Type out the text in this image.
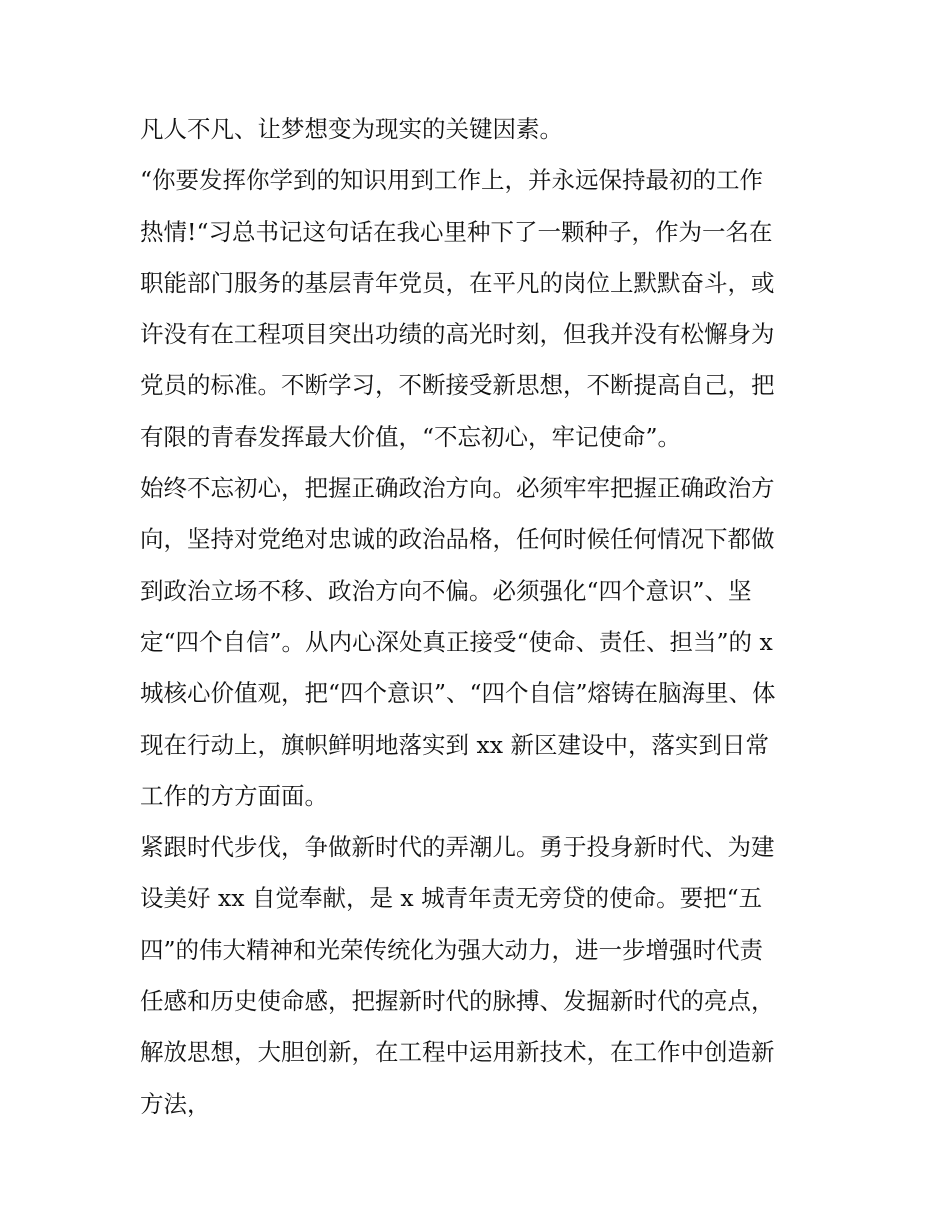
凡人不凡、让梦想变为现实的关键因素。
“你要发挥你学到的知识用到工作上，并永远保持最初的工作
热情!“习总书记这句话在我心里种下了一颗种子，作为一名在
职能部门服务的基层青年党员，在平凡的岗位上默默奋斗，或
许没有在工程项目突出功绩的高光时刻，但我并没有松懈身为
党员的标准。不断学习，不断接受新思想，不断提高自己，把
有限的青春发挥最大价值，“不忘初心，牢记使命”。
始终不忘初心，把握正确政治方向。必须牢牢把握正确政治方
向，坚持对党绝对忠诚的政治品格，任何时候任何情况下都做
到政治立场不移、政治方向不偏。必须强化“四个意识”、坚
定“四个自信”。从内心深处真正接受“使命、责任、担当”的 x
城核心价值观，把“四个意识”、“四个自信”熔铸在脑海里、体
现在行动上，旗帜鲜明地落实到 xx 新区建设中，落实到日常
工作的方方面面。
紧跟时代步伐，争做新时代的弄潮儿。勇于投身新时代、为建
设美好 xx 自觉奉献，是 x 城青年责无旁贷的使命。要把“五
四”的伟大精神和光荣传统化为强大动力，进一步增强时代责
任感和历史使命感，把握新时代的脉搏、发掘新时代的亮点，
解放思想，大胆创新，在工程中运用新技术，在工作中创造新
方法，
